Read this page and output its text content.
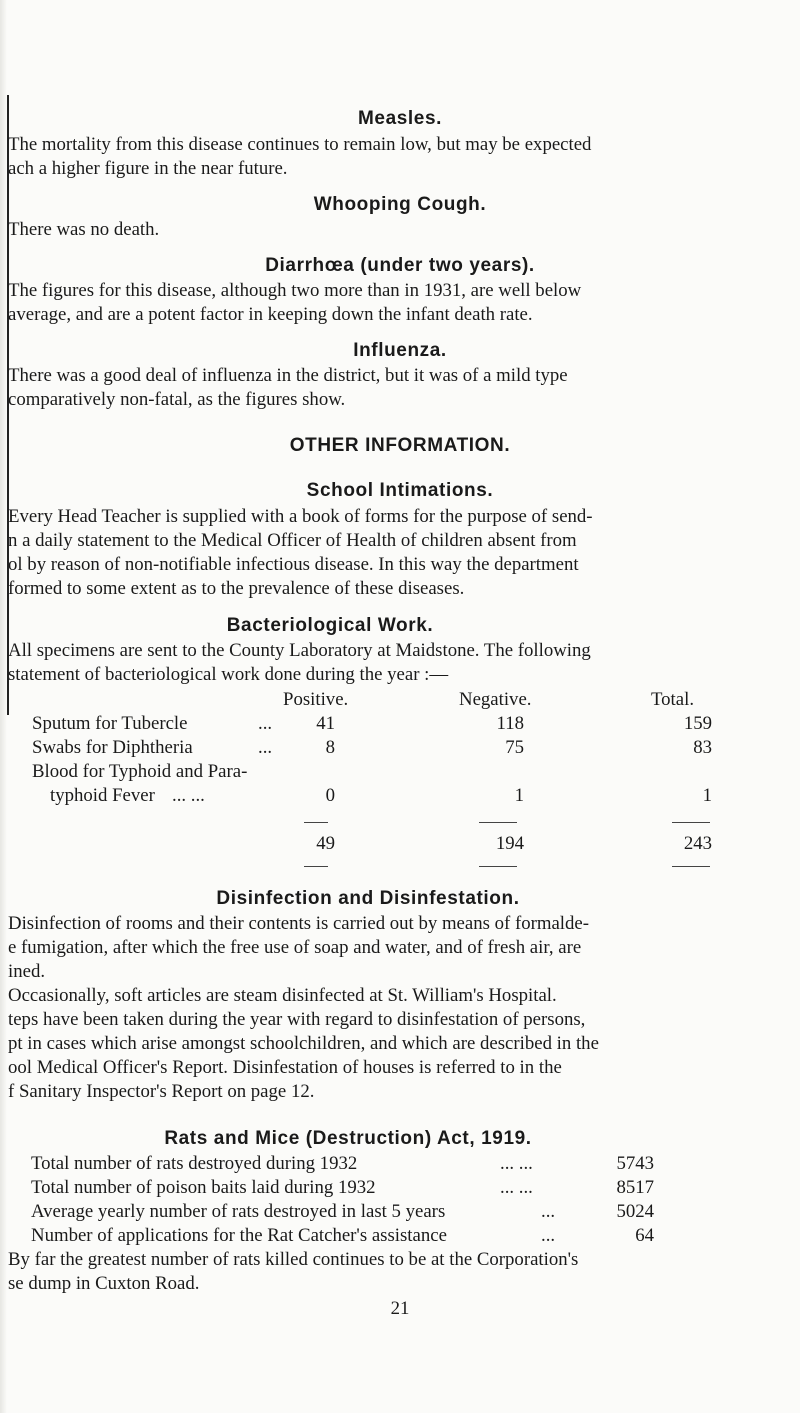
Measles.

The mortality from this disease continues to remain low, but may be expected

ach a higher figure in the near future.

Whooping Cough.

There was no death.

Diarrhœa (under two years).

The figures for this disease, although two more than in 1931, are well below

average, and are a potent factor in keeping down the infant death rate.

Influenza.

There was a good deal of influenza in the district, but it was of a mild type

comparatively non-fatal, as the figures show.

OTHER INFORMATION.
School Intimations.

Every Head Teacher is supplied with a book of forms for the purpose of send-

n a daily statement to the Medical Officer of Health of children absent from

ol by reason of non-notifiable infectious disease. In this way the department

formed to some extent as to the prevalence of these diseases.

Bacteriological Work.

All specimens are sent to the County Laboratory at Maidstone. The following

statement of bacteriological work done during the year :—

Positive.	Negative.	Total.
Sputum for Tubercle	...	41	118	159
Swabs for Diphtheria	...	8	75	83
Blood for Typhoid and Para-
typhoid Fever ... ...	0	1	1
49	194	243
Disinfection and Disinfestation.

Disinfection of rooms and their contents is carried out by means of formalde-

e fumigation, after which the free use of soap and water, and of fresh air, are

ined.

Occasionally, soft articles are steam disinfected at St. William's Hospital.

teps have been taken during the year with regard to disinfestation of persons,

pt in cases which arise amongst schoolchildren, and which are described in the

ool Medical Officer's Report. Disinfestation of houses is referred to in the

f Sanitary Inspector's Report on page 12.

Rats and Mice (Destruction) Act, 1919.
Total number of rats destroyed during 1932	... ...	5743
Total number of poison baits laid during 1932	... ...	8517
Average yearly number of rats destroyed in last 5 years	...	5024
Number of applications for the Rat Catcher's assistance	...	64

By far the greatest number of rats killed continues to be at the Corporation's

se dump in Cuxton Road.

21
